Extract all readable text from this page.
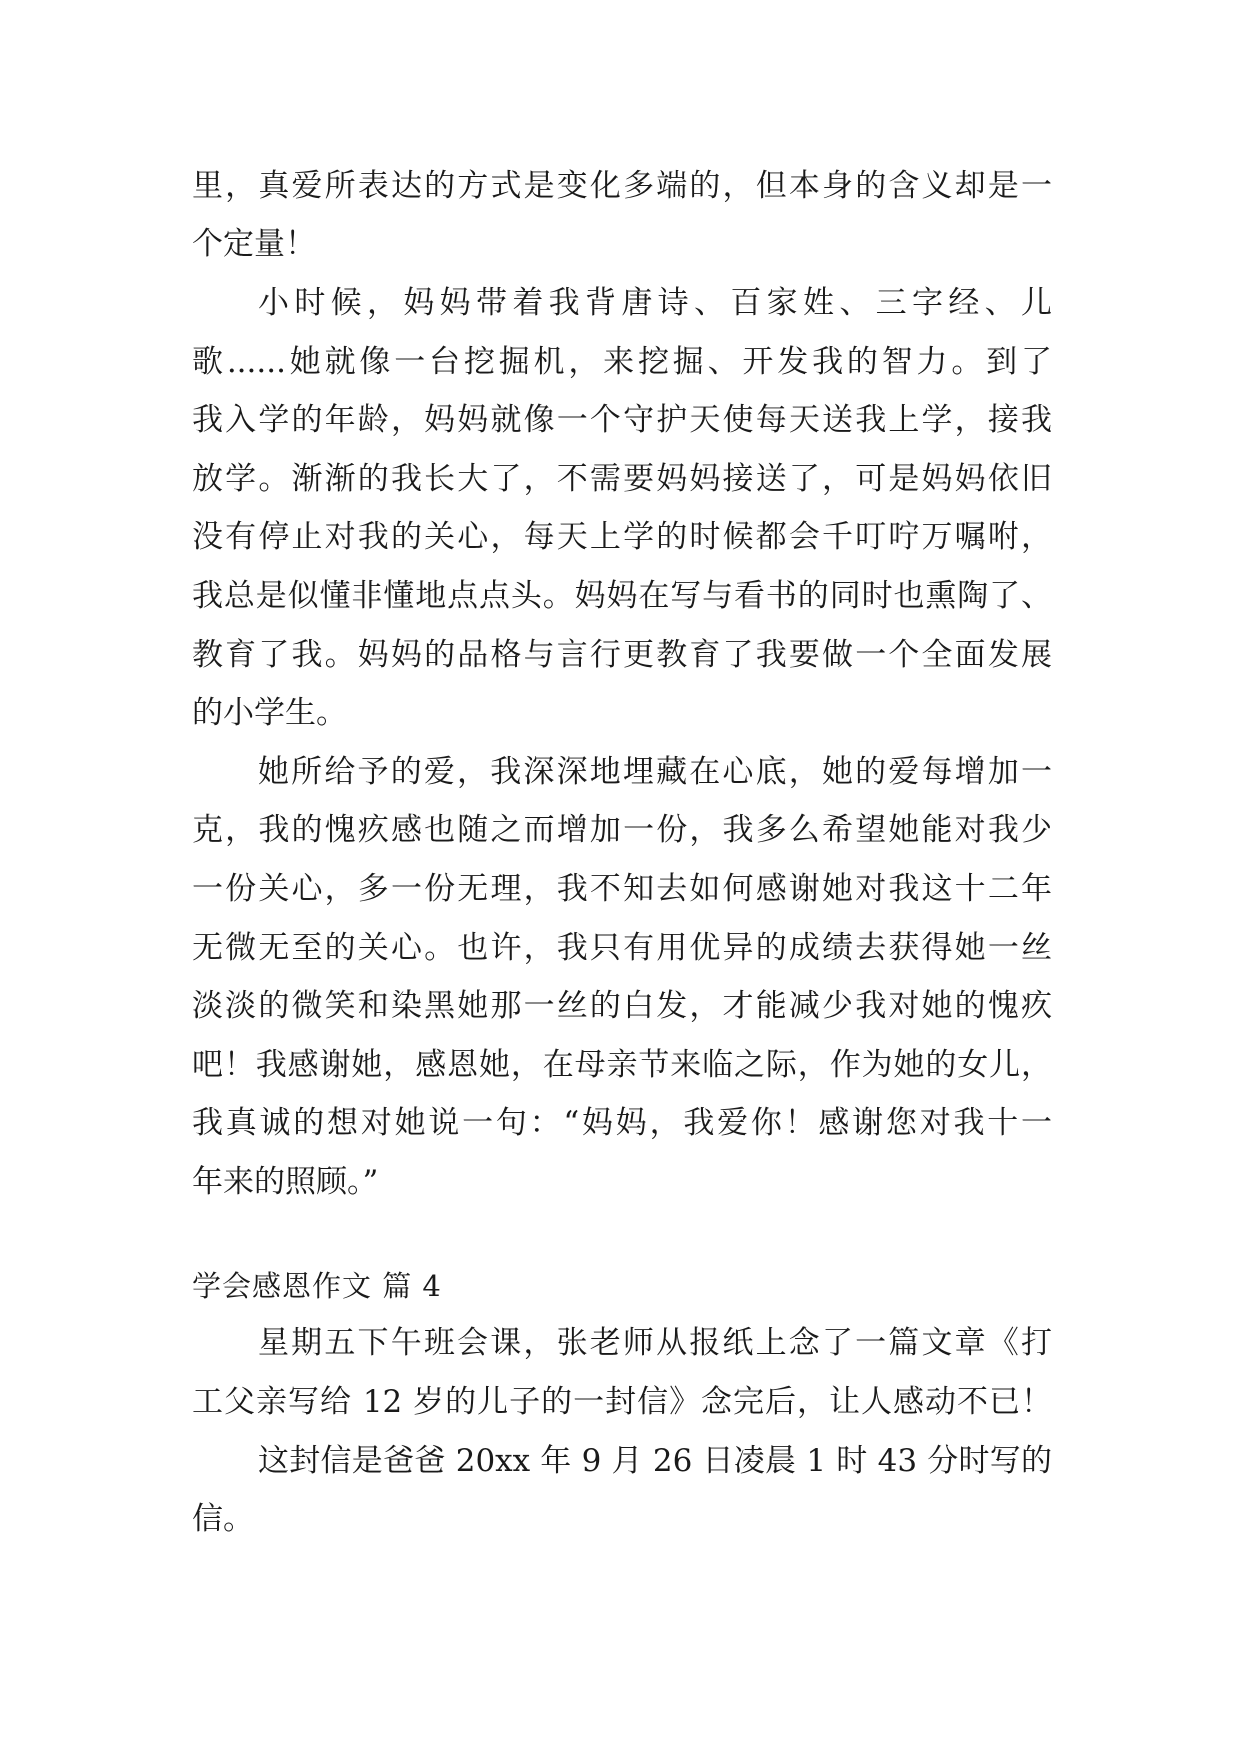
里，真爱所表达的方式是变化多端的，但本身的含义却是一
个定量！
小时候，妈妈带着我背唐诗、百家姓、三字经、儿
歌......她就像一台挖掘机，来挖掘、开发我的智力。到了
我入学的年龄，妈妈就像一个守护天使每天送我上学，接我
放学。渐渐的我长大了，不需要妈妈接送了，可是妈妈依旧
没有停止对我的关心，每天上学的时候都会千叮咛万嘱咐，
我总是似懂非懂地点点头。妈妈在写与看书的同时也熏陶了、
教育了我。妈妈的品格与言行更教育了我要做一个全面发展
的小学生。
她所给予的爱，我深深地埋藏在心底，她的爱每增加一
克，我的愧疚感也随之而增加一份，我多么希望她能对我少
一份关心，多一份无理，我不知去如何感谢她对我这十二年
无微无至的关心。也许，我只有用优异的成绩去获得她一丝
淡淡的微笑和染黑她那一丝的白发，才能减少我对她的愧疚
吧！我感谢她，感恩她，在母亲节来临之际，作为她的女儿，
我真诚的想对她说一句：“妈妈，我爱你！感谢您对我十一
年来的照顾。”
学会感恩作文 篇 4
星期五下午班会课，张老师从报纸上念了一篇文章《打
工父亲写给 12 岁的儿子的一封信》念完后，让人感动不已！
这封信是爸爸 20xx 年 9 月 26 日凌晨 1 时 43 分时写的
信。
